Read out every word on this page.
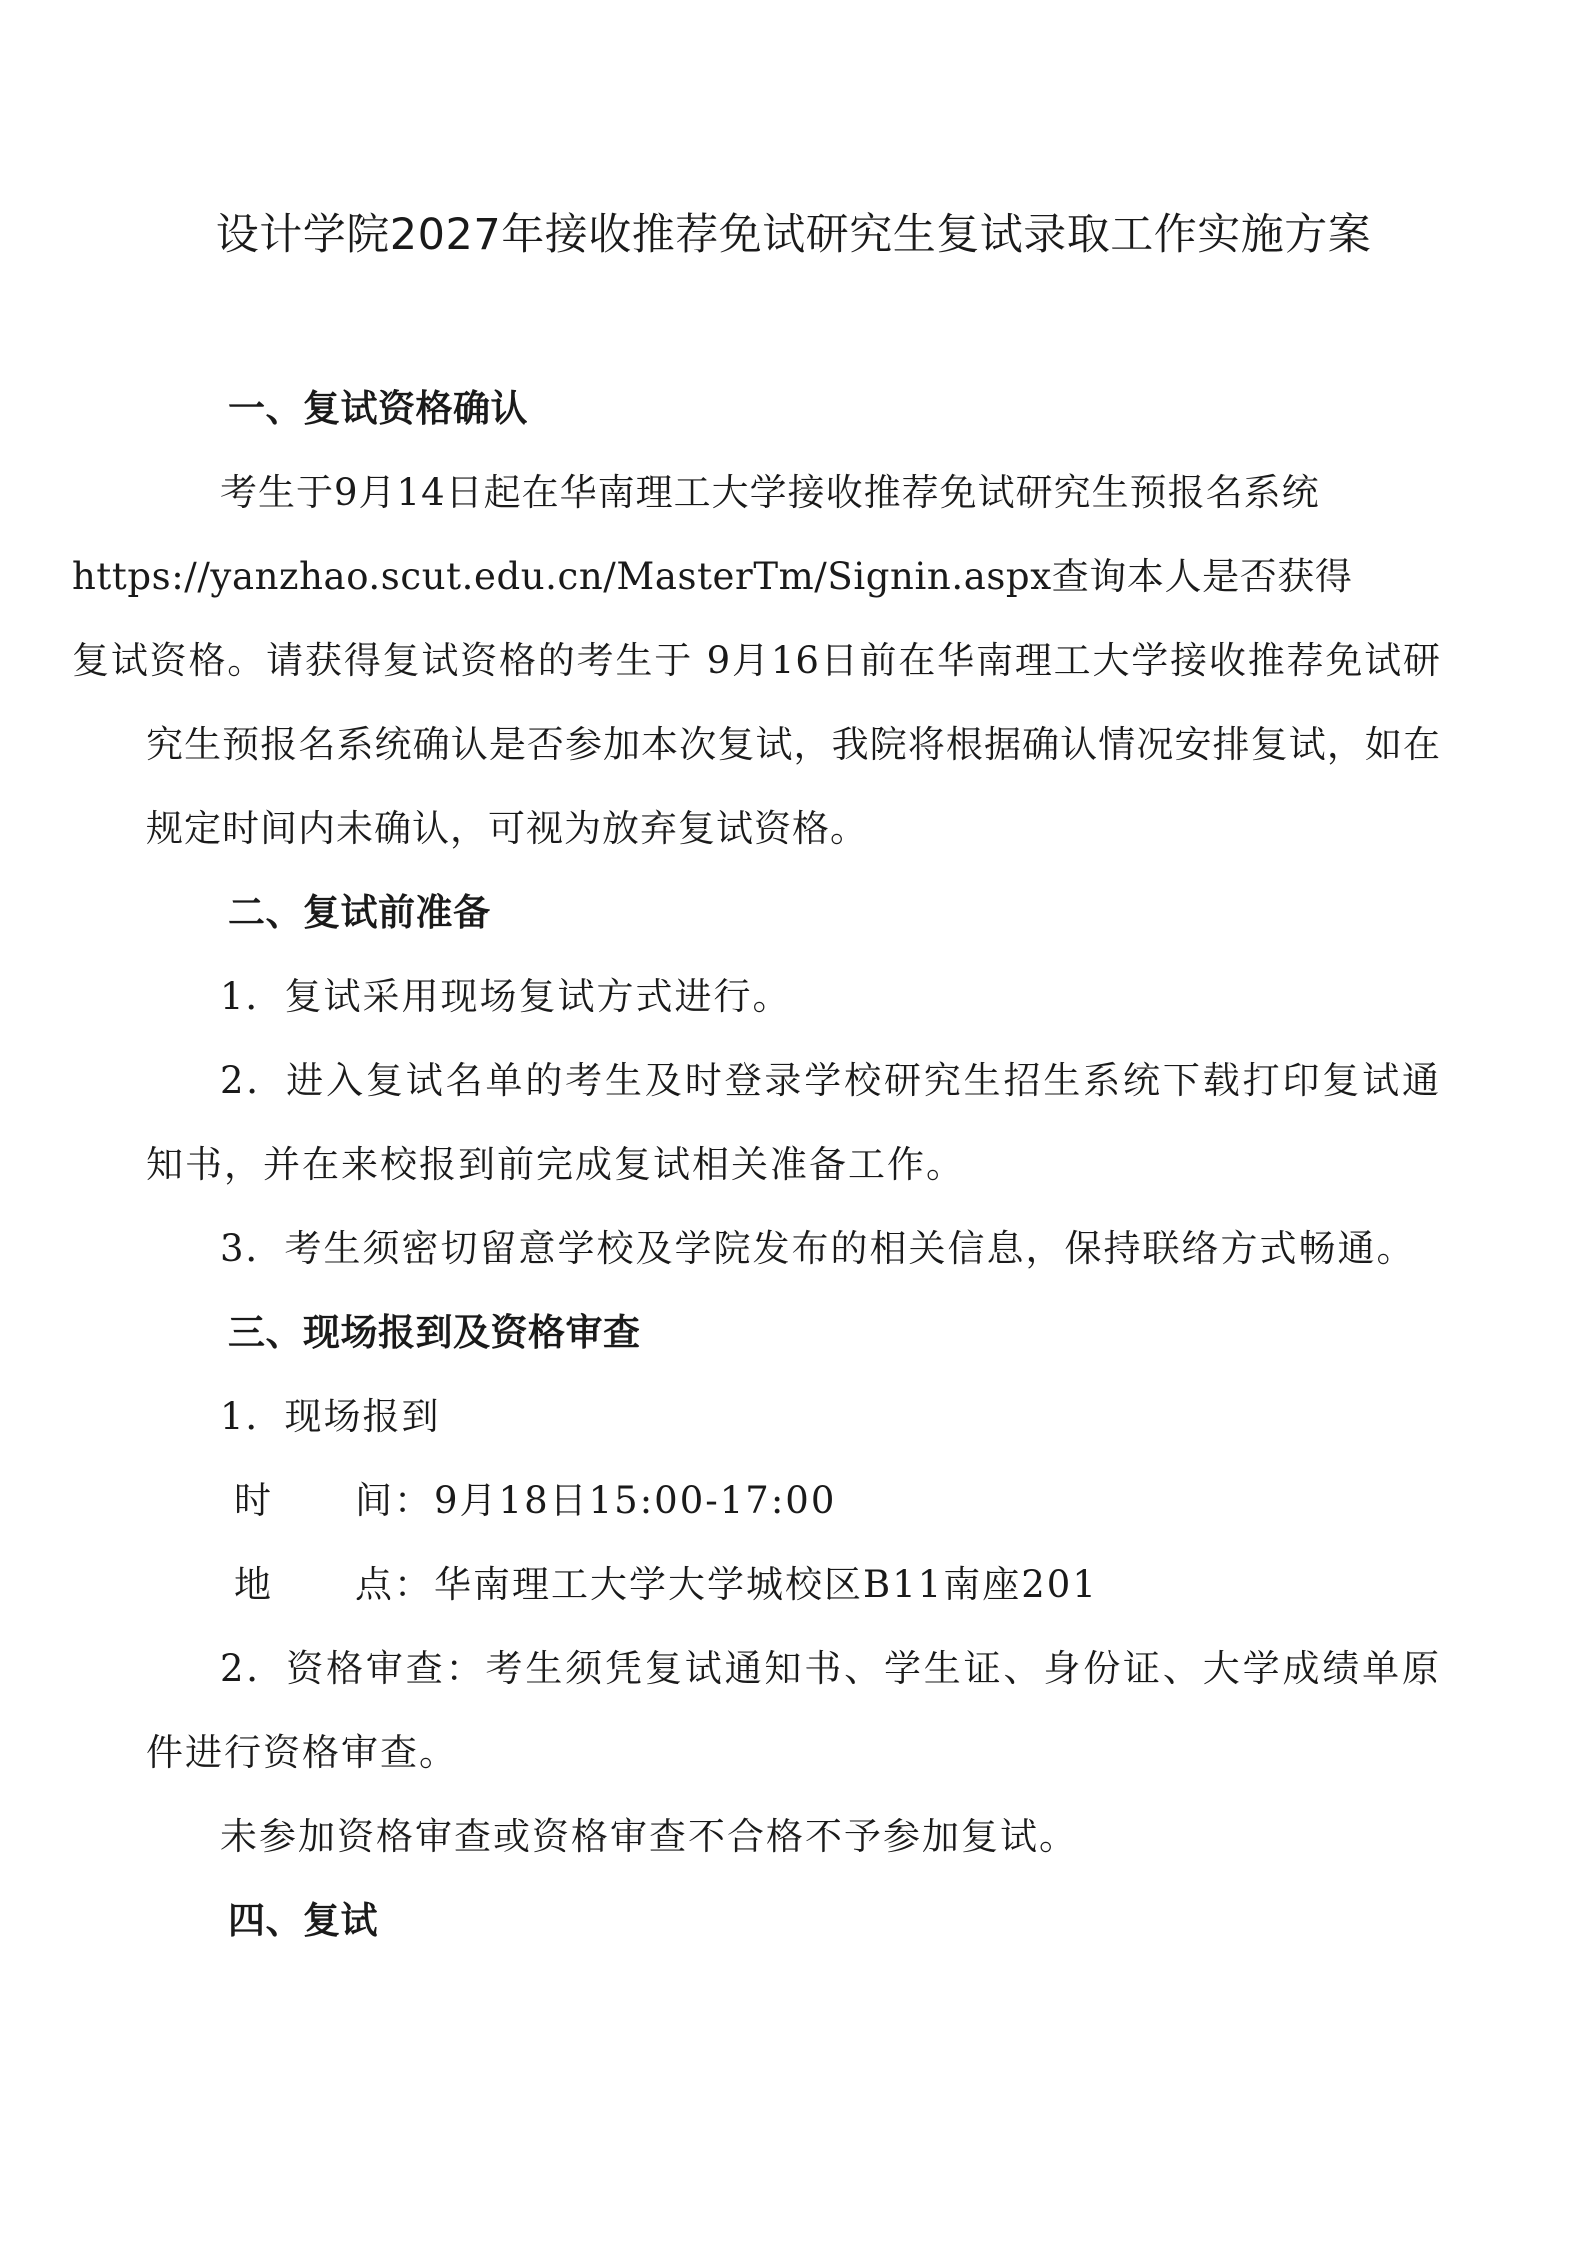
设计学院2027年接收推荐免试研究生复试录取工作实施方案

一、复试资格确认

考生于9月14日起在华南理工大学接收推荐免试研究生预报名系统
https://yanzhao.scut.edu.cn/MasterTm/Signin.aspx查询本人是否获得
复试资格。请获得复试资格的考生于 9月16日前在华南理工大学接收推荐免试研究生预报名系统确认是否参加本次复试，我院将根据确认情况安排复试，如在规定时间内未确认，可视为放弃复试资格。

二、复试前准备

1．复试采用现场复试方式进行。

2．进入复试名单的考生及时登录学校研究生招生系统下载打印复试通知书，并在来校报到前完成复试相关准备工作。

3．考生须密切留意学校及学院发布的相关信息，保持联络方式畅通。

三、现场报到及资格审查

1．现场报到

时 间：9月18日15:00-17:00

地 点：华南理工大学大学城校区B11南座201

2．资格审查：考生须凭复试通知书、学生证、身份证、大学成绩单原件进行资格审查。

未参加资格审查或资格审查不合格不予参加复试。

四、复试
